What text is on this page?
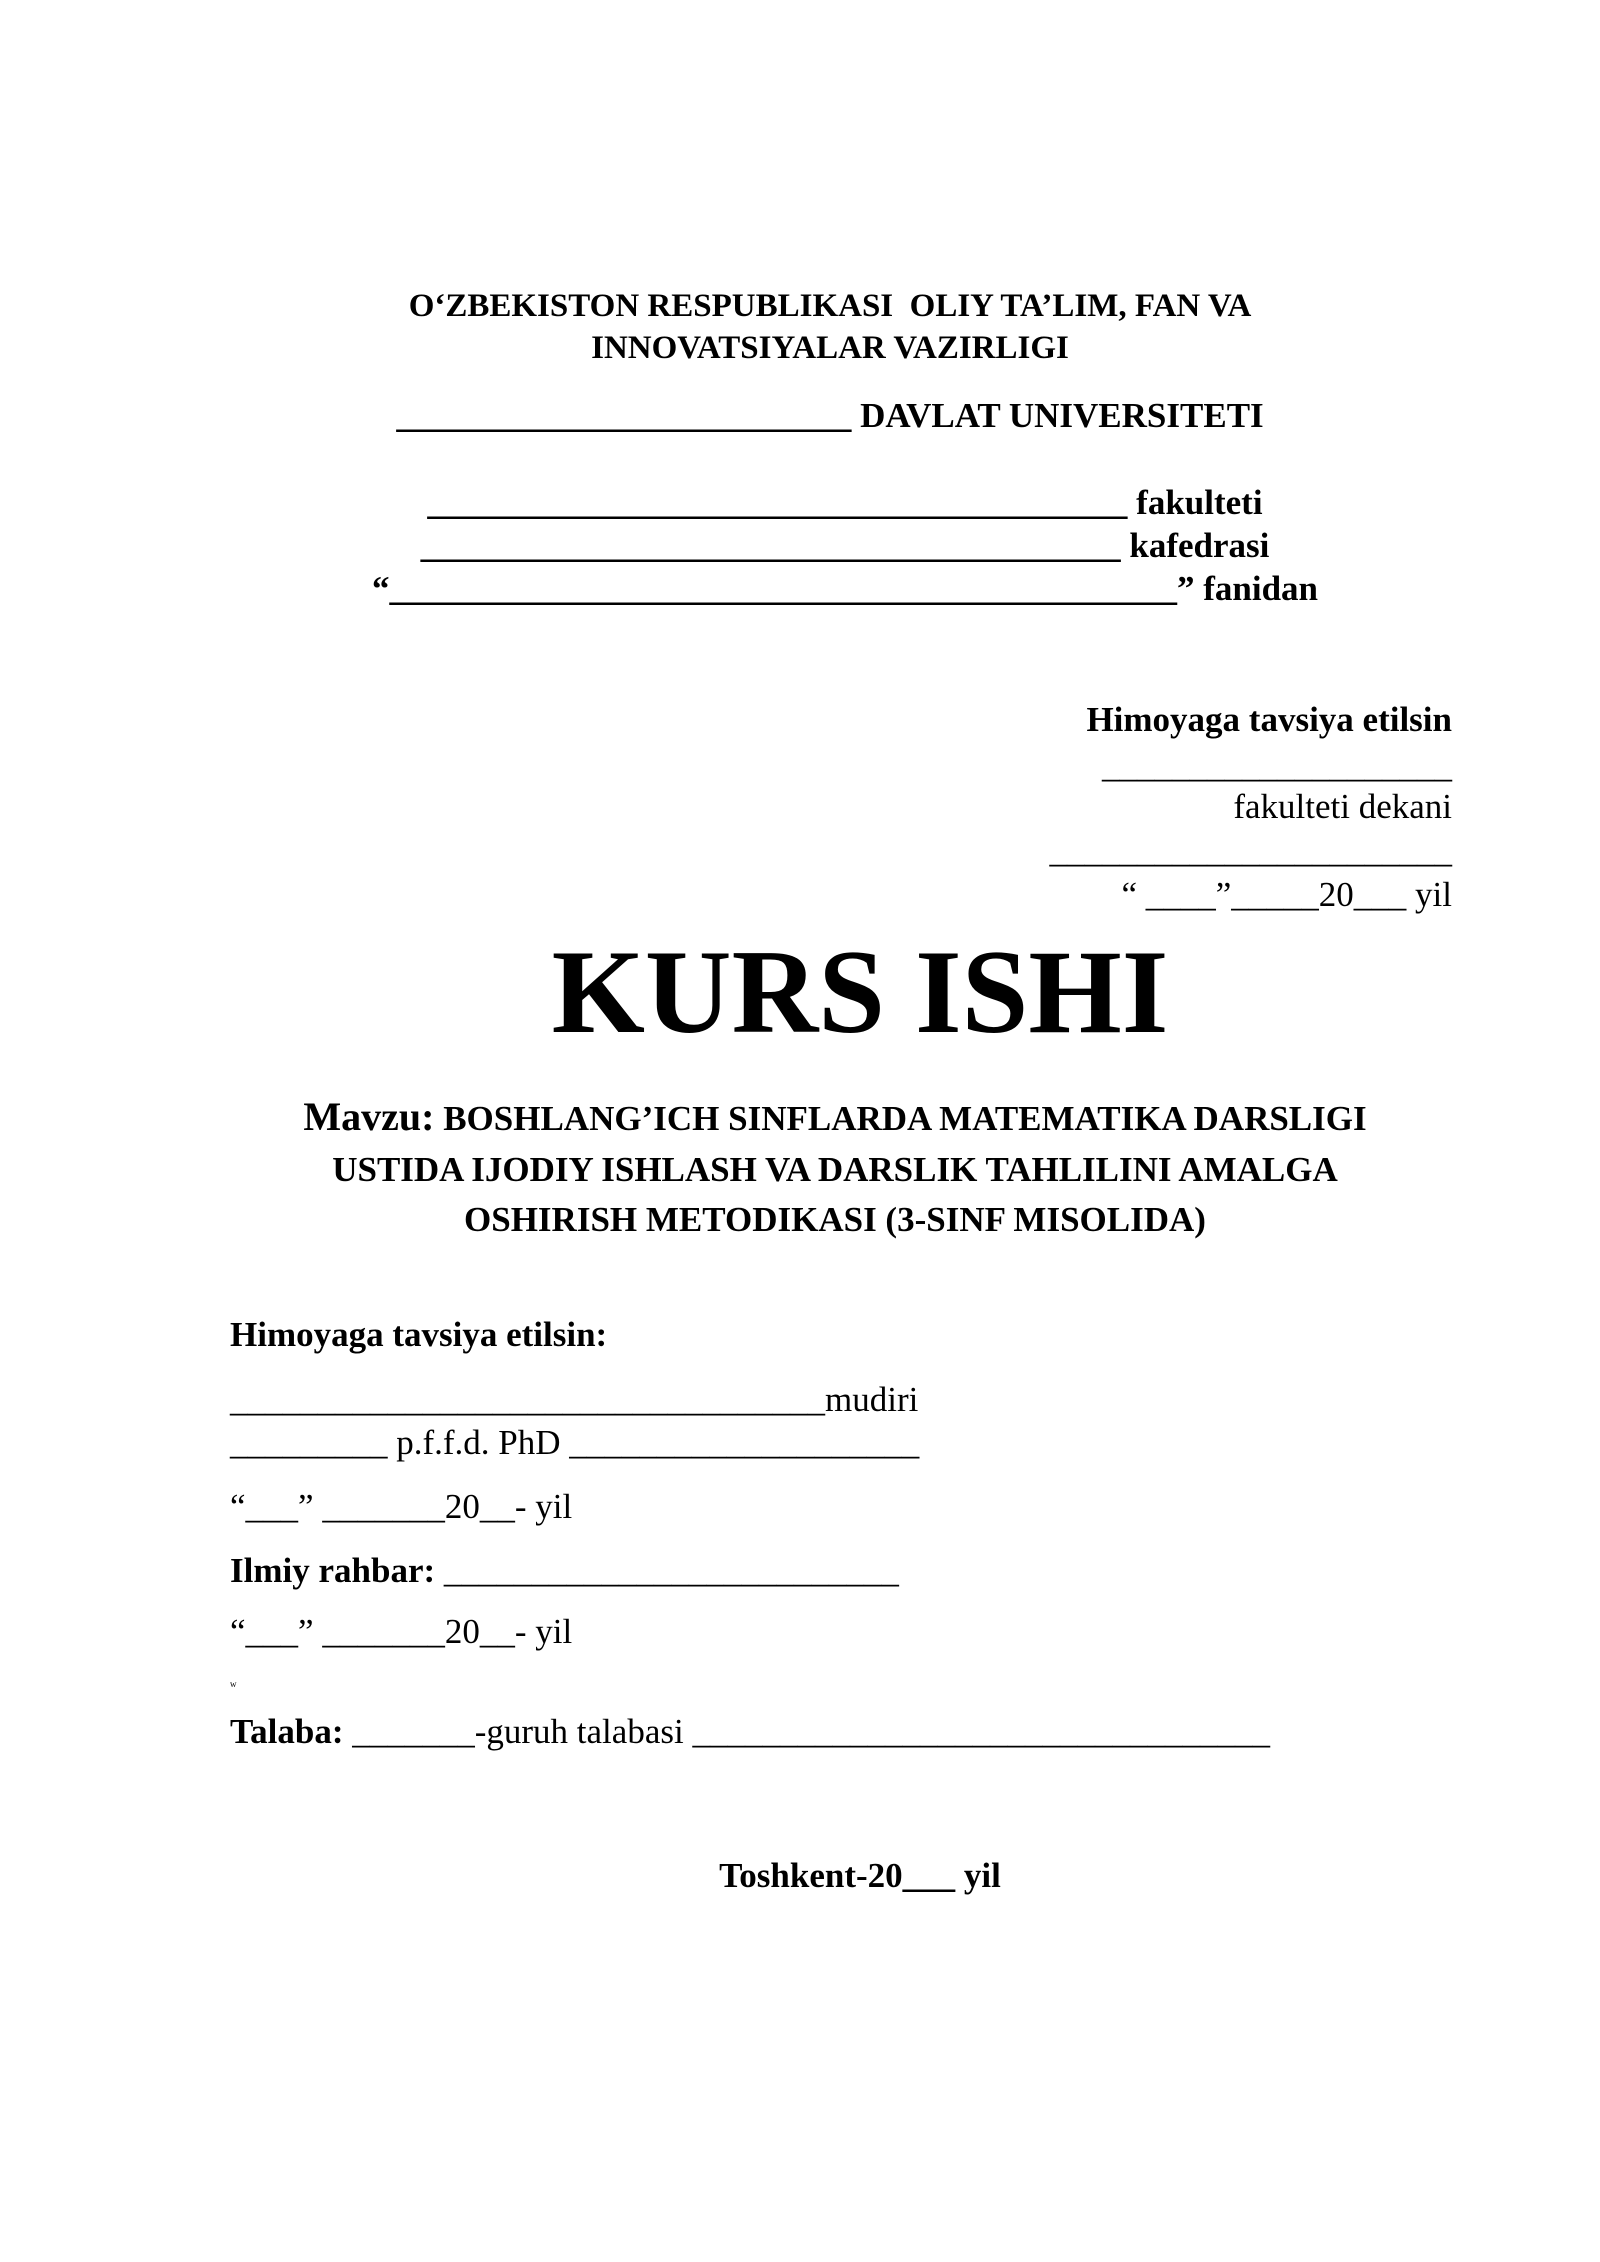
O‘ZBEKISTON RESPUBLIKASI  OLIY TA’LIM, FAN VA
INNOVATSIYALAR VAZIRLIGI
__________________________ DAVLAT UNIVERSITETI
________________________________________ fakulteti
________________________________________ kafedrasi
“_____________________________________________” fanidan
Himoyaga tavsiya etilsin
____________________
fakulteti dekani
_______________________
“ ____”_____20___ yil
KURS ISHI
Mavzu: BOSHLANG’ICH SINFLARDA MATEMATIKA DARSLIGI
USTIDA IJODIY ISHLASH VA DARSLIK TAHLILINI AMALGA
OSHIRISH METODIKASI (3-SINF MISOLIDA)
Himoyaga tavsiya etilsin:
__________________________________mudiri
_________ p.f.f.d. PhD ____________________
“___” _______20__- yil
Ilmiy rahbar: __________________________
“___” _______20__- yil
w
Talaba: _______-guruh talabasi _________________________________
Toshkent-20___ yil
